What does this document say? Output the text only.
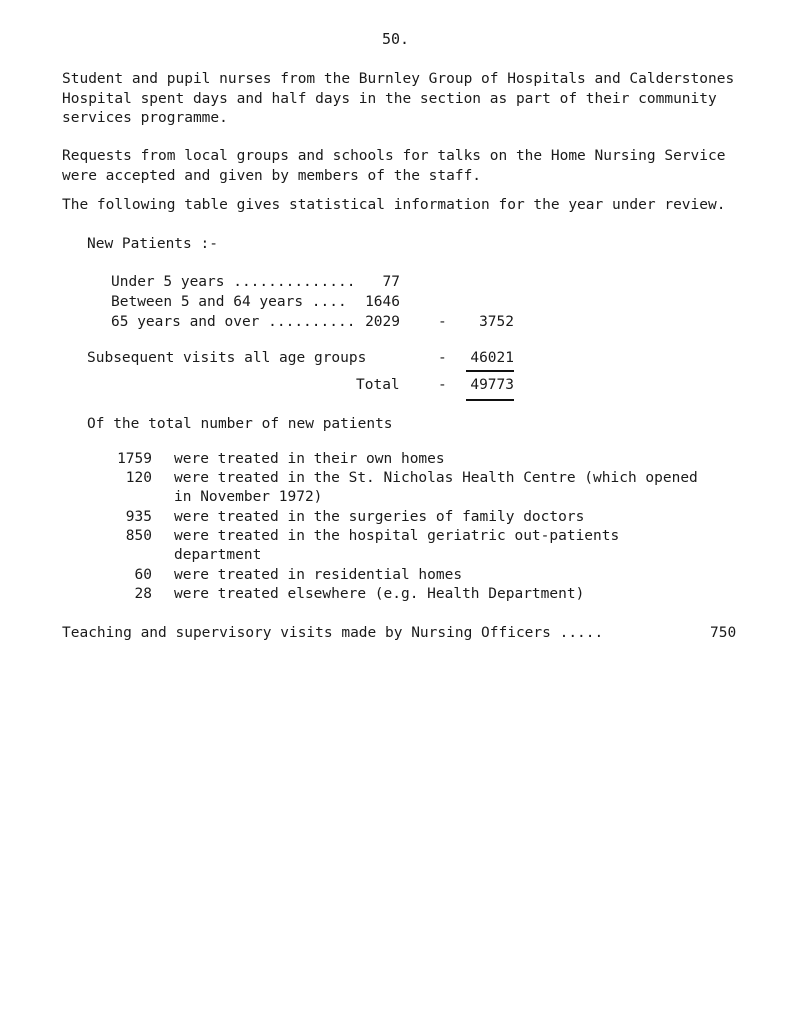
50.
Student and pupil nurses from the Burnley Group of Hospitals and Calderstones Hospital spent days and half days in the section as part of their community services programme.
Requests from local groups and schools for talks on the Home Nursing Service were accepted and given by members of the staff.
The following table gives statistical information for the year under review.
New Patients :-
Under 5 years ..............	77
Between 5 and 64 years ....	1646
65 years and over .......... 2029	-	3752
Subsequent visits all age groups	- 46021
Total	- 49773
Of the total number of new patients
1759 were treated in their own homes
120 were treated in the St. Nicholas Health Centre (which opened
in November 1972)
935 were treated in the surgeries of family doctors
850 were treated in the hospital geriatric out-patients
department
60 were treated in residential homes
28 were treated elsewhere (e.g. Health Department)
Teaching and supervisory visits made by Nursing Officers .....	750
